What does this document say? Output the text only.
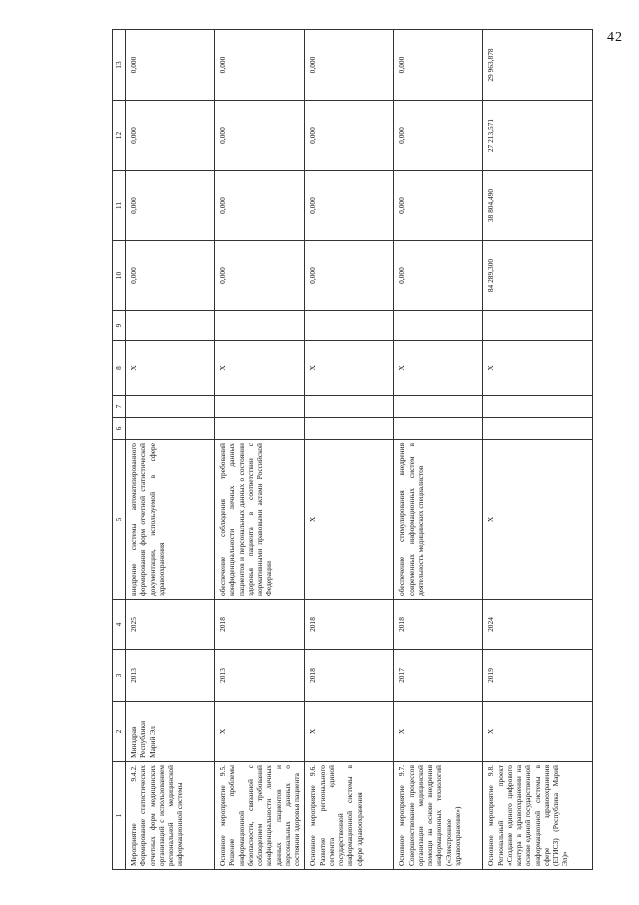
42
1	2	3	4	5	6	7	8	9	10	11	12	13
Мероприятие 9.4.2. Формирование статистических отчетных форм медицинских организаций с использованием региональной медицинской информационной системы	Минздрав Республики Марий Эл	2013	2025	внедрение системы автоматизированного формирования форм отчетной статистической документации, используемой в сфере здравоохранения			X		0,000	0,000	0,000	0,000
Основное мероприятие 9.5. Решение проблемы информационной безопасности, связанной с соблюдением требований конфиденциальности личных данных пациентов и персональных данных о состоянии здоровья пациента	X	2013	2018	обеспечение соблюдения требований конфиденциальности личных данных пациентов и персональных данных о состоянии здоровья пациента в соответствии с нормативными правовыми актами Российской Федерации			X		0,000	0,000	0,000	0,000
Основное мероприятие 9.6. Развитие регионального сегмента единой государственной информационной системы в сфере здравоохранения	X	2018	2018	X			X		0,000	0,000	0,000	0,000
Основное мероприятие 9.7. Совершенствование процессов организации медицинской помощи на основе внедрения информационных технологий («Электронное здравоохранение»)	X	2017	2018	обеспечение стимулирования внедрения современных информационных систем в деятельность медицинских специалистов			X		0,000	0,000	0,000	0,000
Основное мероприятие 9.8. Региональный проект «Создание единого цифрового контура в здравоохранении на основе единой государственной информационной системы в сфере здравоохранения (ЕГИСЗ) (Республика Марий Эл)»	X	2019	2024	X			X		84 289,300	38 804,490	27 213,571	29 963,878
